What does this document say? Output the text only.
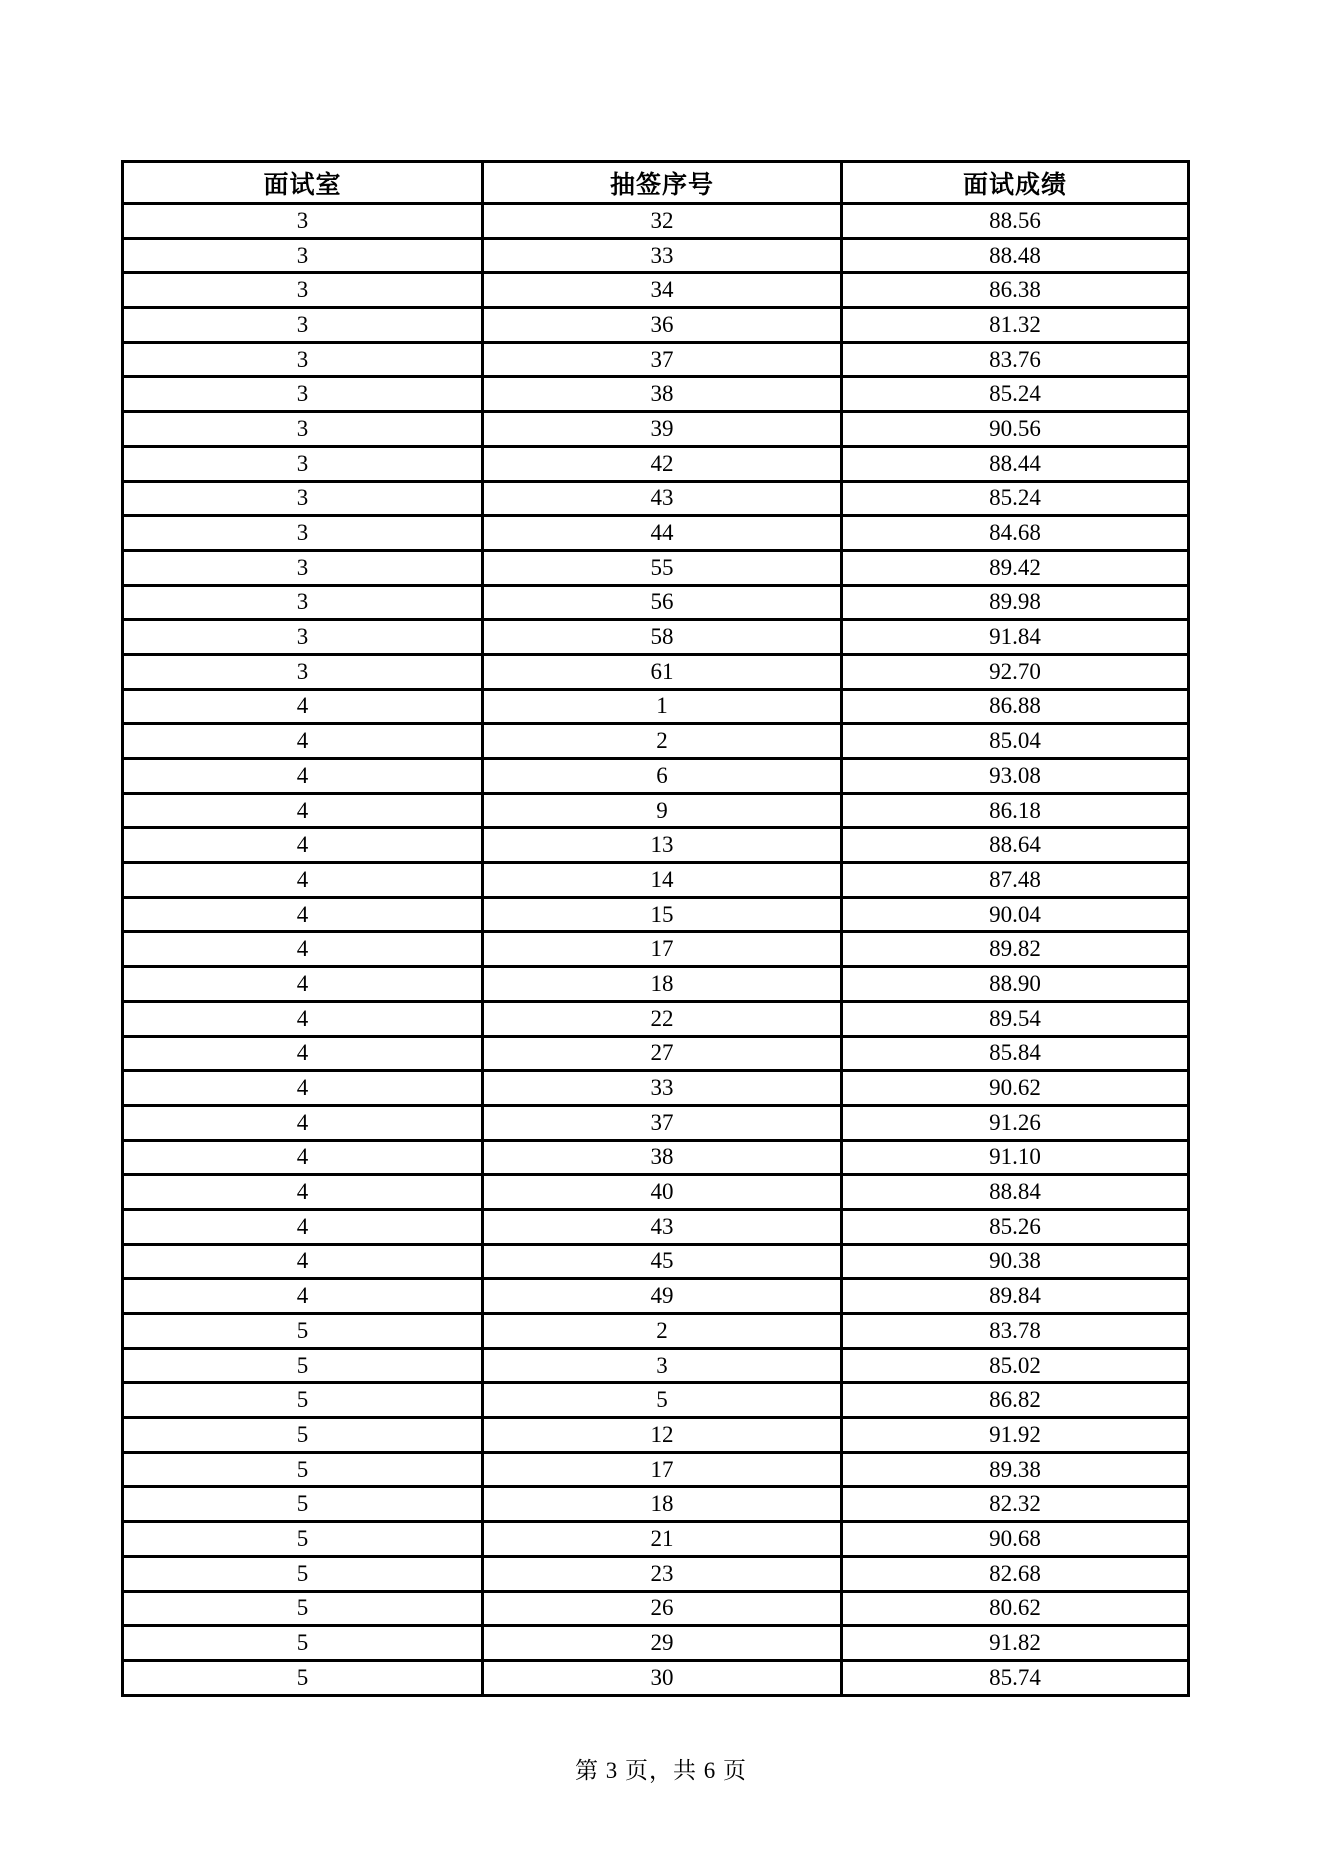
面试室	抽签序号	面试成绩
3	32	88.56
3	33	88.48
3	34	86.38
3	36	81.32
3	37	83.76
3	38	85.24
3	39	90.56
3	42	88.44
3	43	85.24
3	44	84.68
3	55	89.42
3	56	89.98
3	58	91.84
3	61	92.70
4	1	86.88
4	2	85.04
4	6	93.08
4	9	86.18
4	13	88.64
4	14	87.48
4	15	90.04
4	17	89.82
4	18	88.90
4	22	89.54
4	27	85.84
4	33	90.62
4	37	91.26
4	38	91.10
4	40	88.84
4	43	85.26
4	45	90.38
4	49	89.84
5	2	83.78
5	3	85.02
5	5	86.82
5	12	91.92
5	17	89.38
5	18	82.32
5	21	90.68
5	23	82.68
5	26	80.62
5	29	91.82
5	30	85.74
第 3 页，共 6 页
